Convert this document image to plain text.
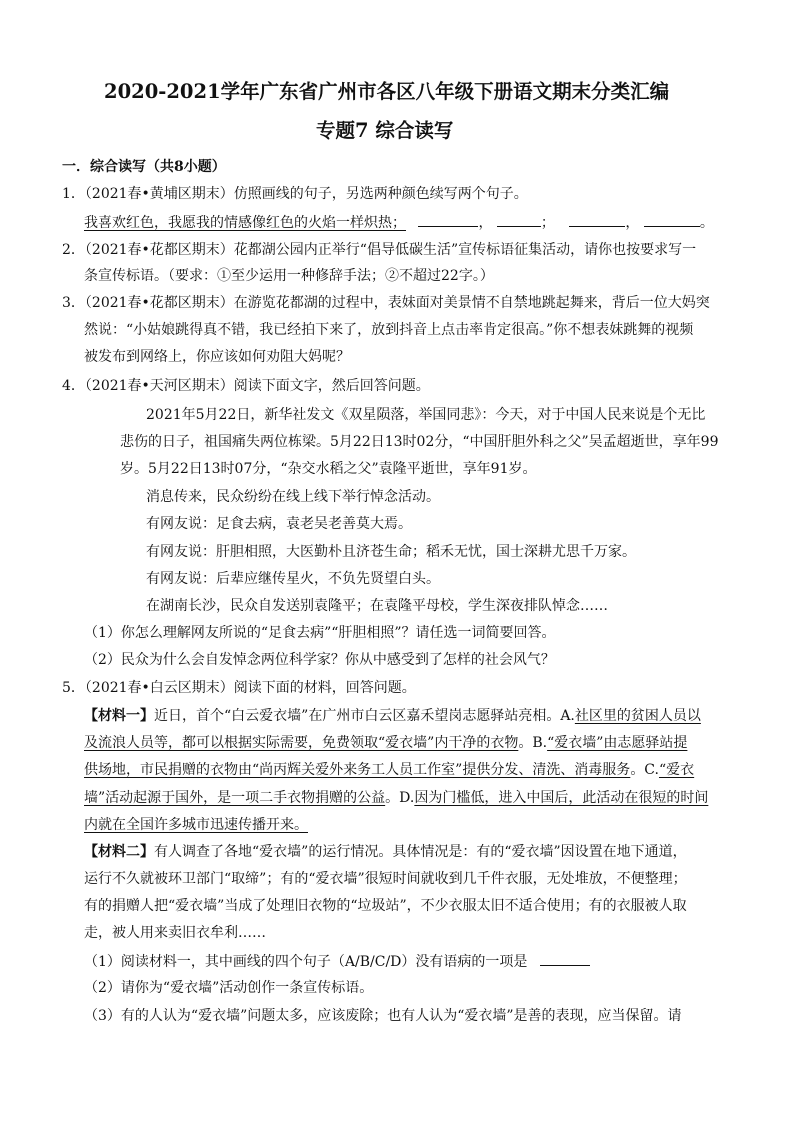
2020-2021学年广东省广州市各区八年级下册语文期末分类汇编
专题7 综合读写
一．综合读写（共8小题）
1．（2021春•黄埔区期末）仿照画线的句子，另选两种颜色续写两个句子。
我喜欢红色，我愿我的情感像红色的火焰一样炽热；	，	；	，	。
2．（2021春•花都区期末）花都湖公园内正举行“倡导低碳生活”宣传标语征集活动，请你也按要求写一
条宣传标语。（要求：①至少运用一种修辞手法；②不超过22字。）
3．（2021春•花都区期末）在游览花都湖的过程中，表妹面对美景情不自禁地跳起舞来，背后一位大妈突
然说：“小姑娘跳得真不错，我已经拍下来了，放到抖音上点击率肯定很高。”你不想表妹跳舞的视频
被发布到网络上，你应该如何劝阻大妈呢？
4．（2021春•天河区期末）阅读下面文字，然后回答问题。
2021年5月22日，新华社发文《双星陨落，举国同悲》：今天，对于中国人民来说是个无比
悲伤的日子，祖国痛失两位栋梁。5月22日13时02分，“中国肝胆外科之父”吴孟超逝世，享年99
岁。5月22日13时07分，“杂交水稻之父”袁隆平逝世，享年91岁。
消息传来，民众纷纷在线上线下举行悼念活动。
有网友说：足食去病，袁老吴老善莫大焉。
有网友说：肝胆相照，大医勤朴且济苍生命；稻禾无忧，国士深耕尤思千万家。
有网友说：后辈应继传星火，不负先贤望白头。
在湖南长沙，民众自发送别袁隆平；在袁隆平母校，学生深夜排队悼念……
（1）你怎么理解网友所说的“足食去病”“肝胆相照”？请任选一词简要回答。
（2）民众为什么会自发悼念两位科学家？你从中感受到了怎样的社会风气？
5．（2021春•白云区期末）阅读下面的材料，回答问题。
【材料一】近日，首个“白云爱衣墙”在广州市白云区嘉禾望岗志愿驿站亮相。A.社区里的贫困人员以
及流浪人员等，都可以根据实际需要，免费领取“爱衣墙”内干净的衣物。B.“爱衣墙”由志愿驿站提
供场地，市民捐赠的衣物由“尚丙辉关爱外来务工人员工作室”提供分发、清洗、消毒服务。C.“爱衣
墙”活动起源于国外，是一项二手衣物捐赠的公益。D.因为门槛低，进入中国后，此活动在很短的时间
内就在全国许多城市迅速传播开来。
【材料二】有人调查了各地“爱衣墙”的运行情况。具体情况是：有的“爱衣墙”因设置在地下通道，
运行不久就被环卫部门“取缔”；有的“爱衣墙”很短时间就收到几千件衣服，无处堆放，不便整理；
有的捐赠人把“爱衣墙”当成了处理旧衣物的“垃圾站”，不少衣服太旧不适合使用；有的衣服被人取
走，被人用来卖旧衣牟利……
（1）阅读材料一，其中画线的四个句子（A/B/C/D）没有语病的一项是
（2）请你为“爱衣墙”活动创作一条宣传标语。
（3）有的人认为“爱衣墙”问题太多，应该废除；也有人认为“爱衣墙”是善的表现，应当保留。请
